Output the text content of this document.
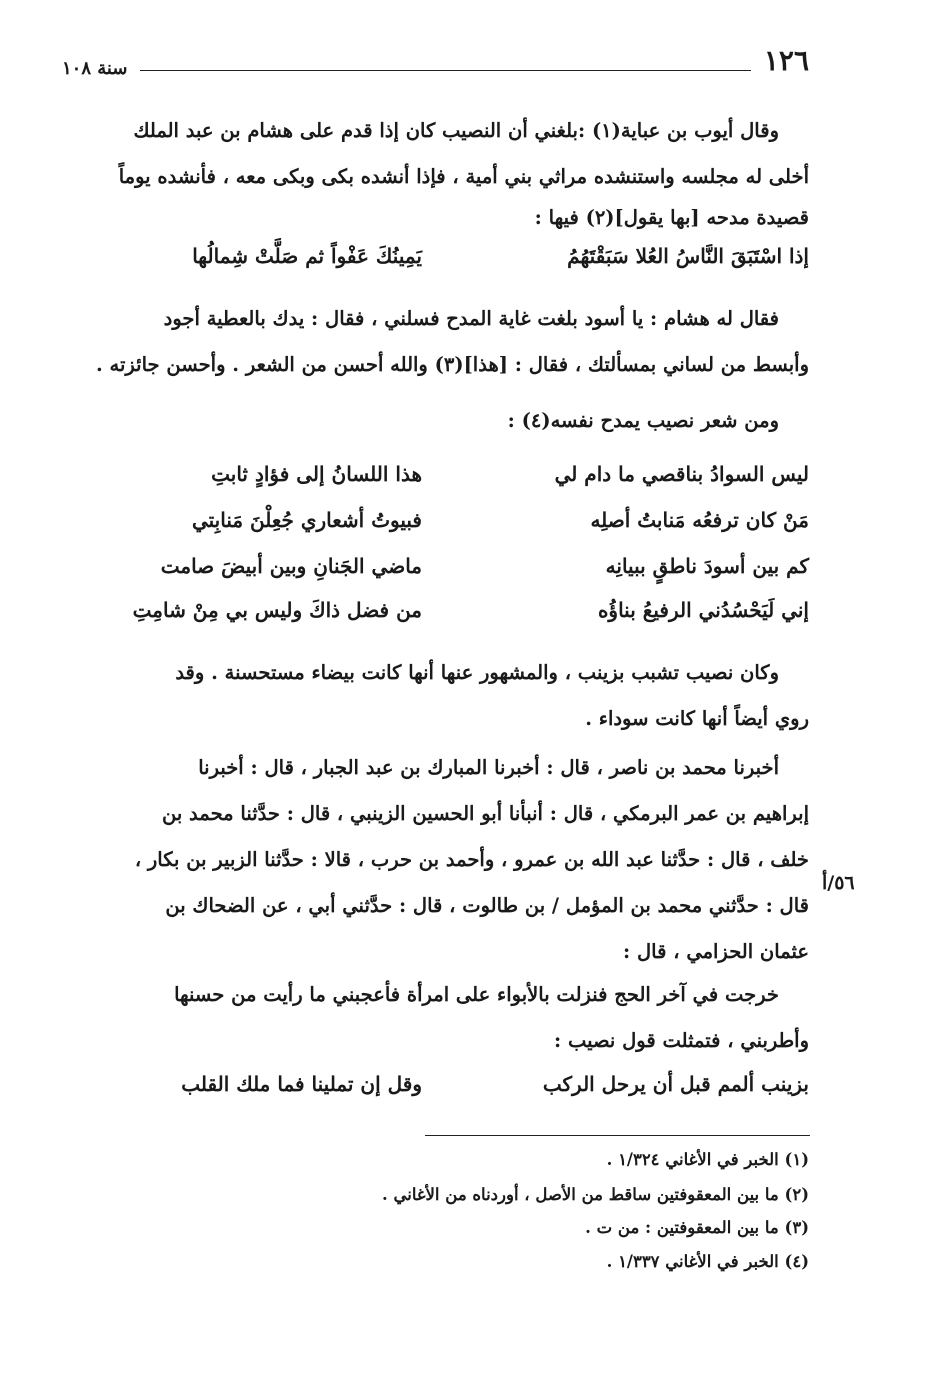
١٢٦
سنة ١٠٨
وقال أيوب بن عباية(١) :بلغني أن النصيب كان إذا قدم على هشام بن عبد الملك
أخلى له مجلسه واستنشده مراثي بني أمية ، فإذا أنشده بكى وبكى معه ، فأنشده يوماً
قصيدة مدحه [بها يقول](٢) فيها :
إذا اسْتَبَقَ النَّاسُ العُلا سَبَقْتَهُمُ
يَمِينُكَ عَفْواً ثم صَلَّتْ شِمالُها
فقال له هشام : يا أسود بلغت غاية المدح فسلني ، فقال : يدك بالعطية أجود
وأبسط من لساني بمسألتك ، فقال : [هذا](٣) والله أحسن من الشعر . وأحسن جائزته .
ومن شعر نصيب يمدح نفسه(٤) :
ليس السوادُ بناقصي ما دام لي
هذا اللسانُ إلى فؤادٍ ثابتِ
مَنْ كان ترفعُه مَنابتُ أصلِه
فبيوتُ أشعاري جُعِلْنَ مَنابِتي
كم بين أسودَ ناطقٍ ببيانِه
ماضي الجَنانِ وبين أبيضَ صامت
إني لَيَحْسُدُني الرفيعُ بناؤُه
من فضل ذاكَ وليس بي مِنْ شامِتِ
وكان نصيب تشبب بزينب ، والمشهور عنها أنها كانت بيضاء مستحسنة . وقد
روي أيضاً أنها كانت سوداء .
أخبرنا محمد بن ناصر ، قال : أخبرنا المبارك بن عبد الجبار ، قال : أخبرنا
إبراهيم بن عمر البرمكي ، قال : أنبأنا أبو الحسين الزينبي ، قال : حدَّثنا محمد بن
خلف ، قال : حدَّثنا عبد الله بن عمرو ، وأحمد بن حرب ، قالا : حدَّثنا الزبير بن بكار ،
قال : حدَّثني محمد بن المؤمل / بن طالوت ، قال : حدَّثني أبي ، عن الضحاك بن
عثمان الحزامي ، قال :
٥٦/أ
خرجت في آخر الحج فنزلت بالأبواء على امرأة فأعجبني ما رأيت من حسنها
وأطربني ، فتمثلت قول نصيب :
بزينب ألمم قبل أن يرحل الركب
وقل إن تملينا فما ملك القلب
(١) الخبر في الأغاني ١/٣٢٤ .
(٢) ما بين المعقوفتين ساقط من الأصل ، أوردناه من الأغاني .
(٣) ما بين المعقوفتين : من ت .
(٤) الخبر في الأغاني ١/٣٣٧ .
